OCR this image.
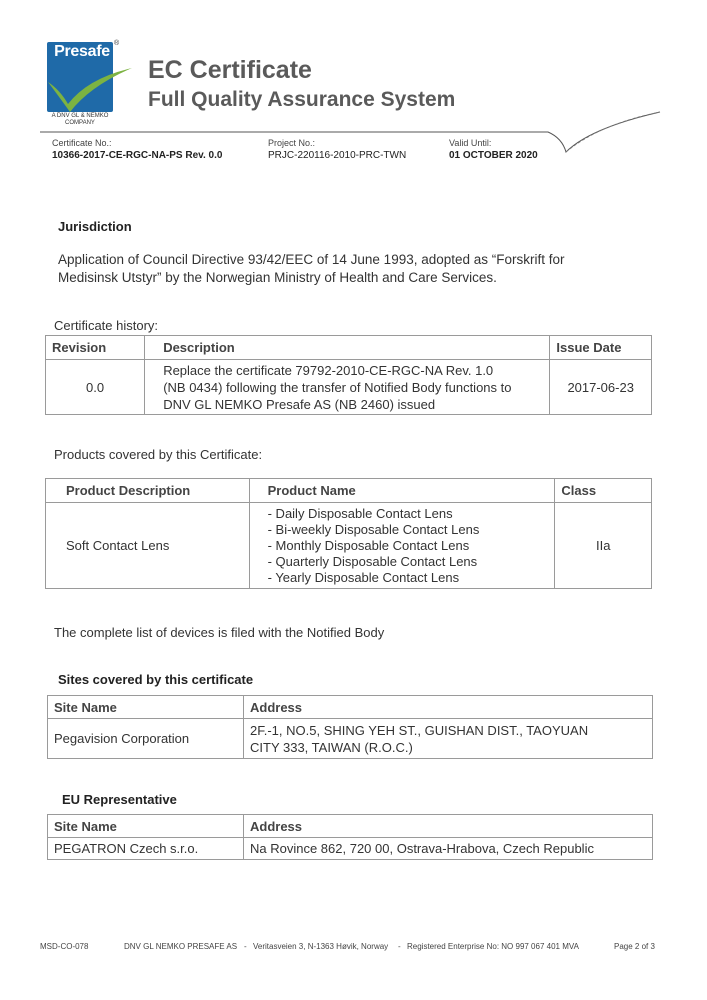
Presafe ®
A DNV GL & NEMKO
COMPANY
EC Certificate
Full Quality Assurance System
Certificate No.:
10366-2017-CE-RGC-NA-PS Rev. 0.0
Project No.:
PRJC-220116-2010-PRC-TWN
Valid Until:
01 OCTOBER 2020
Jurisdiction
Application of Council Directive 93/42/EEC of 14 June 1993, adopted as “Forskrift for
Medisinsk Utstyr” by the Norwegian Ministry of Health and Care Services.
Certificate history:
Revision	Description	Issue Date
0.0	Replace the certificate 79792-2010-CE-RGC-NA Rev. 1.0
(NB 0434) following the transfer of Notified Body functions to
DNV GL NEMKO Presafe AS (NB 2460) issued	2017-06-23
Products covered by this Certificate:
Product Description	Product Name	Class
Soft Contact Lens	- Daily Disposable Contact Lens
- Bi-weekly Disposable Contact Lens
- Monthly Disposable Contact Lens
- Quarterly Disposable Contact Lens
- Yearly Disposable Contact Lens	IIa
The complete list of devices is filed with the Notified Body
Sites covered by this certificate
Site Name	Address
Pegavision Corporation	2F.-1, NO.5, SHING YEH ST., GUISHAN DIST., TAOYUAN
CITY 333, TAIWAN (R.O.C.)
EU Representative
Site Name	Address
PEGATRON Czech s.r.o.	Na Rovince 862, 720 00, Ostrava-Hrabova, Czech Republic
MSD-CO-078	DNV GL NEMKO PRESAFE AS - Veritasveien 3, N-1363 Høvik, Norway - Registered Enterprise No: NO 997 067 401 MVA	Page 2 of 3
